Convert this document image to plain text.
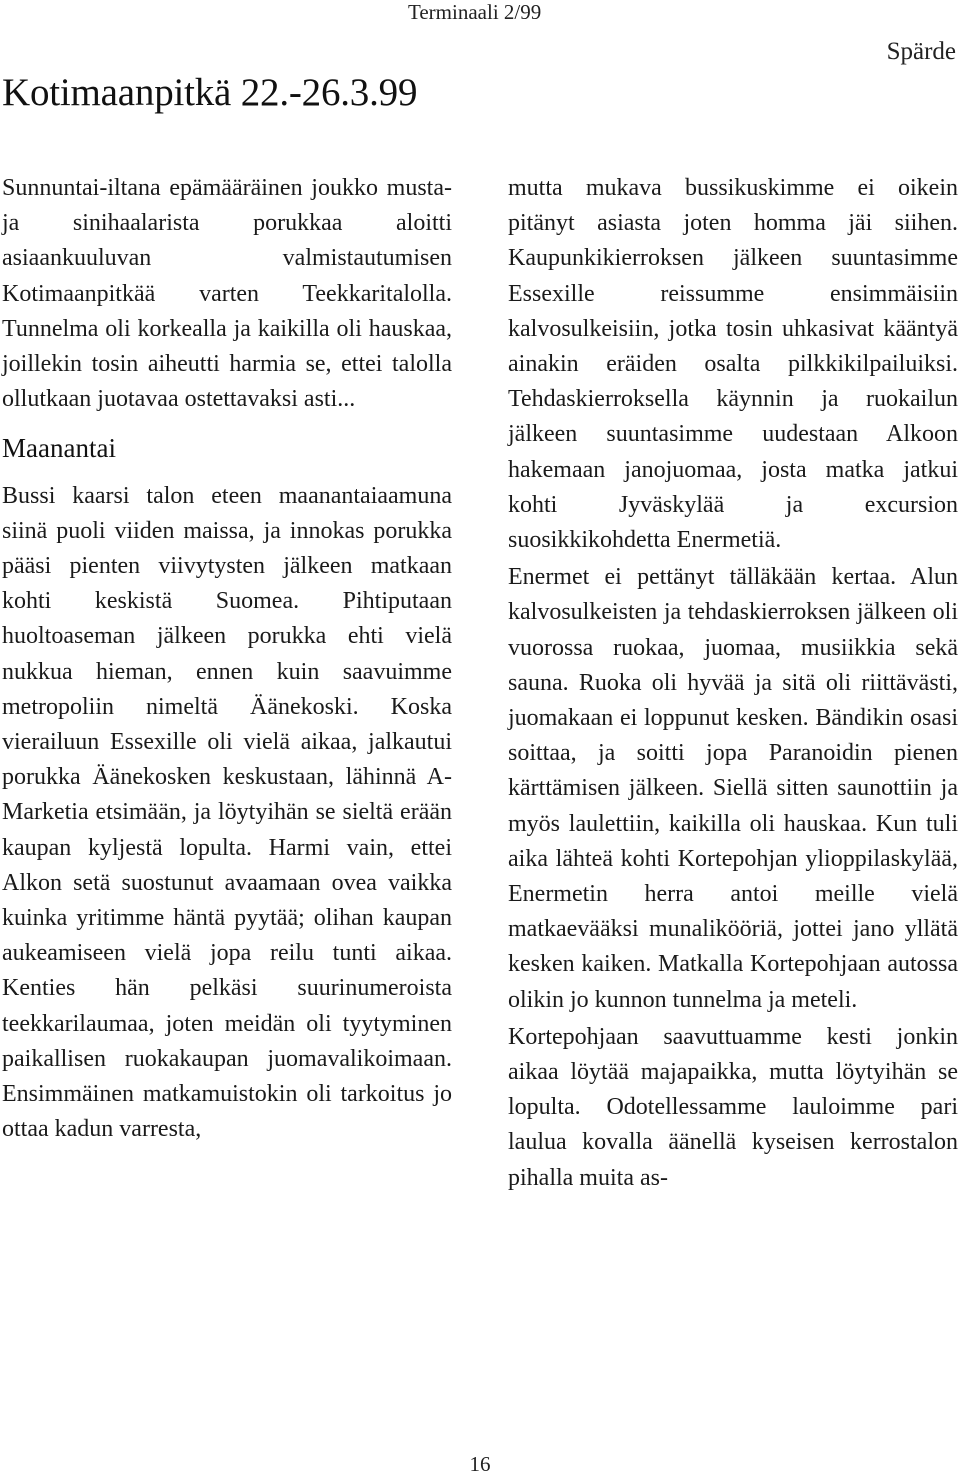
Terminaali 2/99
Spärde
Kotimaanpitkä 22.-26.3.99

Sunnuntai-iltana epämääräinen joukko musta- ja sinihaalarista porukkaa aloitti asiaankuuluvan valmistautumisen Kotimaanpitkää varten Teekkaritalolla. Tunnelma oli korkealla ja kaikilla oli hauskaa, joillekin tosin aiheutti harmia se, ettei talolla ollutkaan juotavaa ostettavaksi asti...

Maanantai

Bussi kaarsi talon eteen maanantaiaamuna siinä puoli viiden maissa, ja innokas porukka pääsi pienten viivytysten jälkeen matkaan kohti keskistä Suomea. Pihtiputaan huoltoaseman jälkeen porukka ehti vielä nukkua hieman, ennen kuin saavuimme metropoliin nimeltä Äänekoski. Koska vierailuun Essexille oli vielä aikaa, jalkautui porukka Äänekosken keskustaan, lähinnä A-Marketia etsimään, ja löytyihän se sieltä erään kaupan kyljestä lopulta. Harmi vain, ettei Alkon setä suostunut avaamaan ovea vaikka kuinka yritimme häntä pyytää; olihan kaupan aukeamiseen vielä jopa reilu tunti aikaa. Kenties hän pelkäsi suurinumeroista teekkarilaumaa, joten meidän oli tyytyminen paikallisen ruokakaupan juomavalikoimaan. Ensimmäinen matkamuistokin oli tarkoitus jo ottaa kadun varresta,

mutta mukava bussikuskimme ei oikein pitänyt asiasta joten homma jäi siihen. Kaupunkikierroksen jälkeen suuntasimme Essexille reissumme ensimmäisiin kalvosulkeisiin, jotka tosin uhkasivat kääntyä ainakin eräiden osalta pilkkikilpailuiksi. Tehdaskierroksella käynnin ja ruokailun jälkeen suuntasimme uudestaan Alkoon hakemaan janojuomaa, josta matka jatkui kohti Jyväskylää ja excursion suosikkikohdetta Enermetiä.

Enermet ei pettänyt tälläkään kertaa. Alun kalvosulkeisten ja tehdaskierroksen jälkeen oli vuorossa ruokaa, juomaa, musiikkia sekä sauna. Ruoka oli hyvää ja sitä oli riittävästi, juomakaan ei loppunut kesken. Bändikin osasi soittaa, ja soitti jopa Paranoidin pienen kärttämisen jälkeen. Siellä sitten saunottiin ja myös laulettiin, kaikilla oli hauskaa. Kun tuli aika lähteä kohti Kortepohjan ylioppilaskylää, Enermetin herra antoi meille vielä matkaevääksi munalikööriä, jottei jano yllätä kesken kaiken. Matkalla Kortepohjaan autossa olikin jo kunnon tunnelma ja meteli.

Kortepohjaan saavuttuamme kesti jonkin aikaa löytää majapaikka, mutta löytyihän se lopulta. Odotellessamme lauloimme pari laulua kovalla äänellä kyseisen kerrostalon pihalla muita as-

16
